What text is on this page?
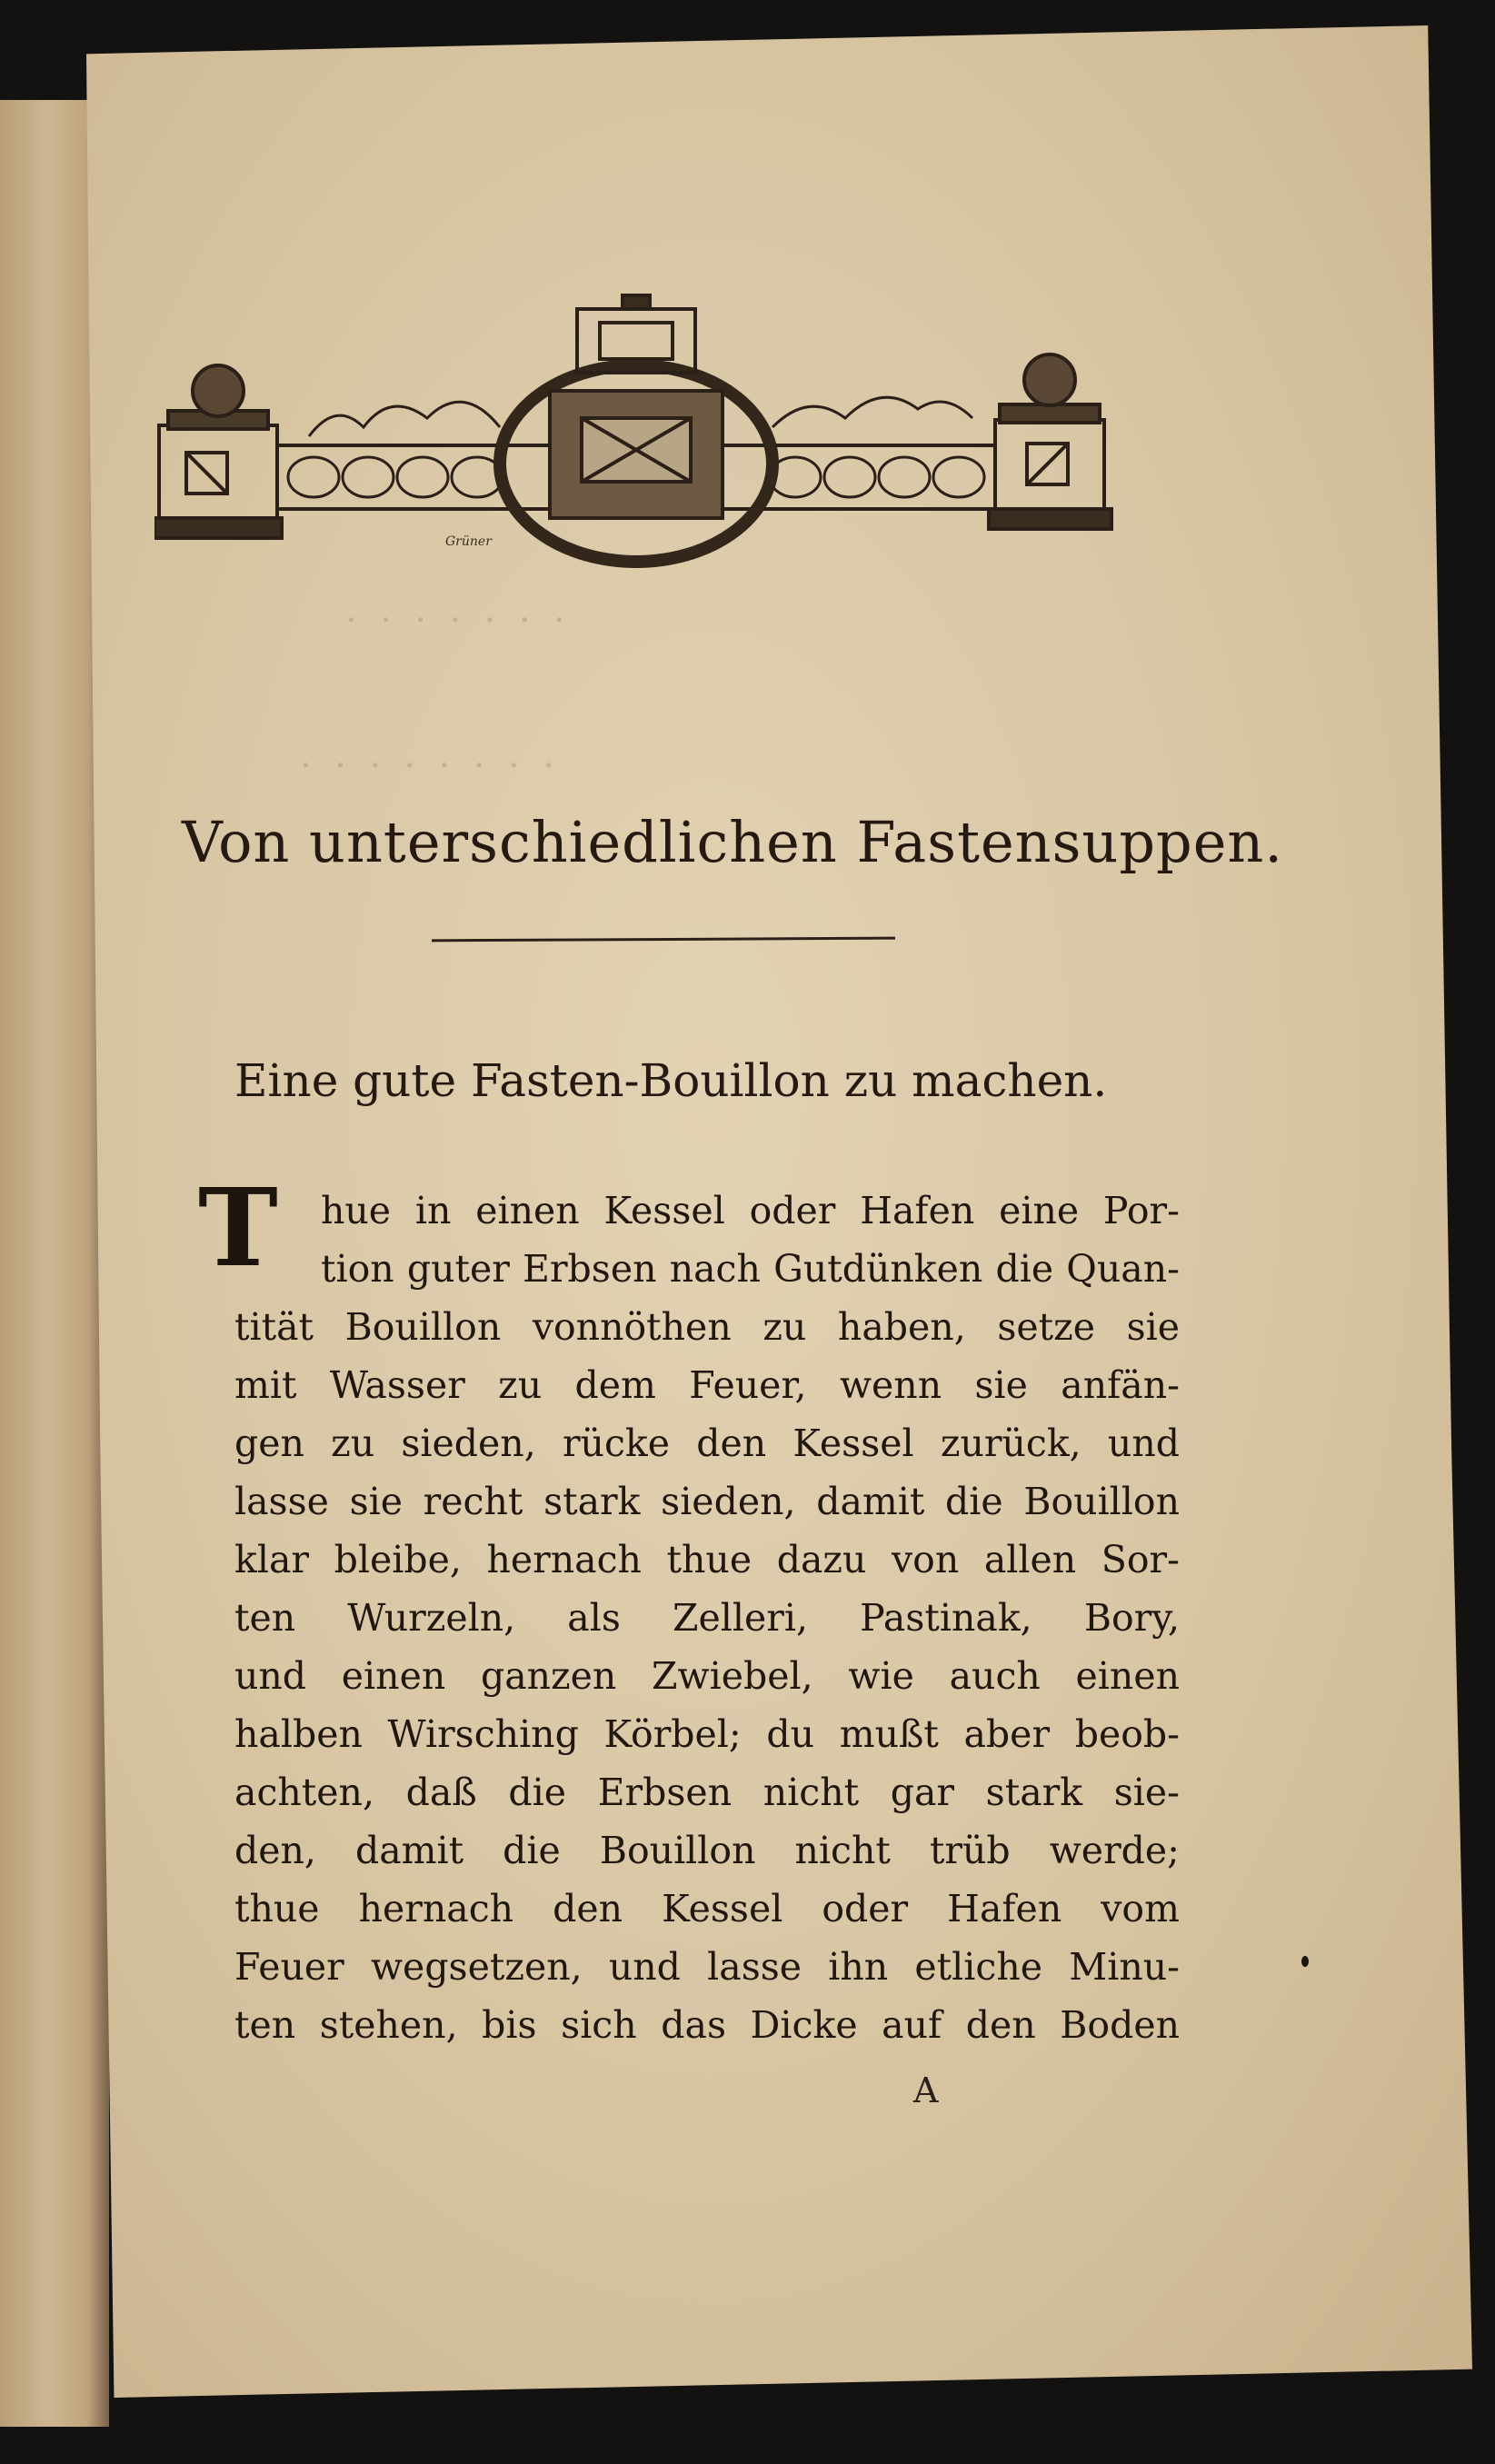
Grüner
·  ·  ·  ·  ·  ·  ·
·  ·  ·  ·  ·  ·  ·  ·
Von unterschiedlichen Fastensuppen.
Eine gute Fasten-Bouillon zu machen.
T	hue in einen Kessel oder Hafen eine Por-
tion guter Erbsen nach Gutdünken die Quan-
tität Bouillon vonnöthen zu haben, setze sie
mit Wasser zu dem Feuer, wenn sie anfän-
gen zu sieden, rücke den Kessel zurück, und
lasse sie recht stark sieden, damit die Bouillon
klar bleibe, hernach thue dazu von allen Sor-
ten Wurzeln, als Zelleri, Pastinak, Bory,
und einen ganzen Zwiebel, wie auch einen
halben Wirsching Körbel; du mußt aber beob-
achten, daß die Erbsen nicht gar stark sie-
den, damit die Bouillon nicht trüb werde;
thue hernach den Kessel oder Hafen vom
Feuer wegsetzen, und lasse ihn etliche Minu-
ten stehen, bis sich das Dicke auf den Boden
A
